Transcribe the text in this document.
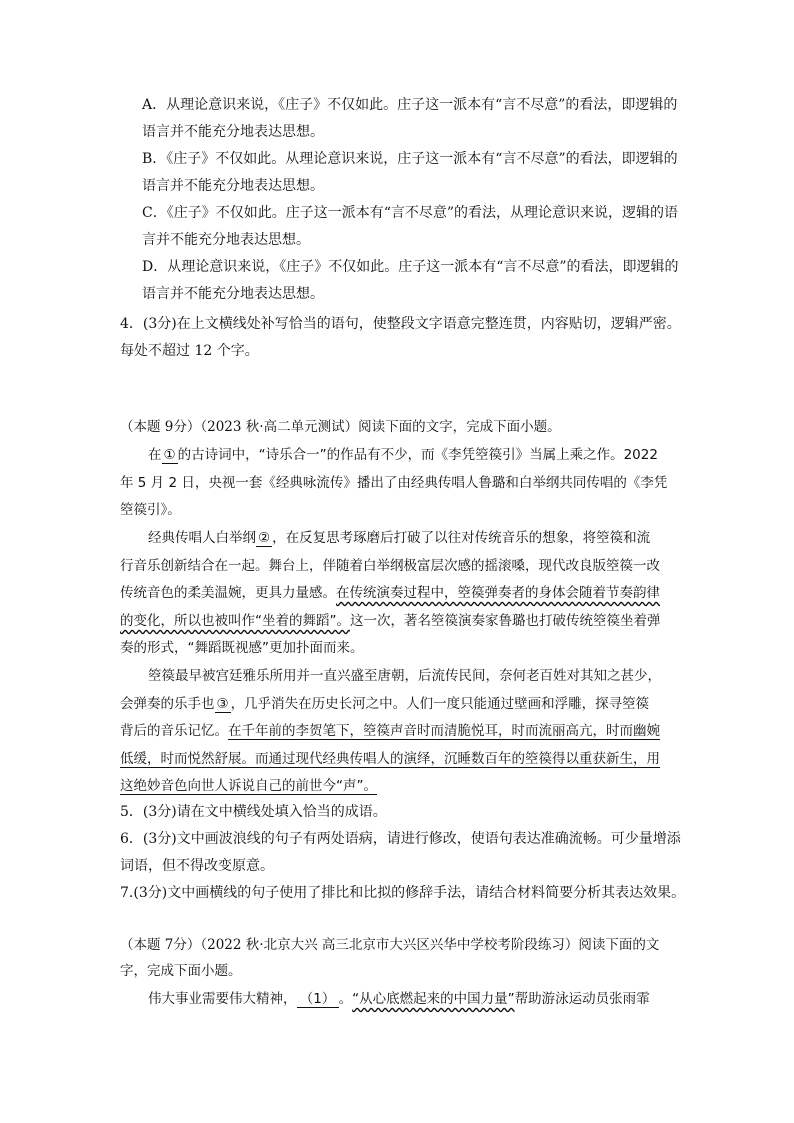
A．从理论意识来说，《庄子》不仅如此。庄子这一派本有“言不尽意”的看法，即逻辑的
语言并不能充分地表达思想。
B．《庄子》不仅如此。从理论意识来说，庄子这一派本有“言不尽意”的看法，即逻辑的
语言并不能充分地表达思想。
C．《庄子》不仅如此。庄子这一派本有“言不尽意”的看法，从理论意识来说，逻辑的语
言并不能充分地表达思想。
D．从理论意识来说，《庄子》不仅如此。庄子这一派本有“言不尽意”的看法，即逻辑的
语言并不能充分地表达思想。
4．(3分)在上文横线处补写恰当的语句，使整段文字语意完整连贯，内容贴切，逻辑严密。
每处不超过 12 个字。
（本题 9分）（2023 秋·高二单元测试）阅读下面的文字，完成下面小题。
在 ① 的古诗词中，“诗乐合一”的作品有不少，而《李凭箜篌引》当属上乘之作。2022
年 5 月 2 日，央视一套《经典咏流传》播出了由经典传唱人鲁璐和白举纲共同传唱的《李凭
箜篌引》。
经典传唱人白举纲 ② ，在反复思考琢磨后打破了以往对传统音乐的想象，将箜篌和流
行音乐创新结合在一起。舞台上，伴随着白举纲极富层次感的摇滚嗓，现代改良版箜篌一改
传统音色的柔美温婉，更具力量感。在传统演奏过程中，箜篌弹奏者的身体会随着节奏韵律
的变化，所以也被叫作“坐着的舞蹈”。这一次，著名箜篌演奏家鲁璐也打破传统箜篌坐着弹
奏的形式，“舞蹈既视感”更加扑面而来。
箜篌最早被宫廷雅乐所用并一直兴盛至唐朝，后流传民间，奈何老百姓对其知之甚少，
会弹奏的乐手也 ③ ，几乎消失在历史长河之中。人们一度只能通过壁画和浮雕，探寻箜篌
背后的音乐记忆。在千年前的李贺笔下，箜篌声音时而清脆悦耳，时而流丽高亢，时而幽婉
低缓，时而悦然舒展。而通过现代经典传唱人的演绎，沉睡数百年的箜篌得以重获新生，用
这绝妙音色向世人诉说自己的前世今“声”。
5．(3分)请在文中横线处填入恰当的成语。
6．(3分)文中画波浪线的句子有两处语病，请进行修改，使语句表达准确流畅。可少量增添
词语，但不得改变原意。
7.(3分)文中画横线的句子使用了排比和比拟的修辞手法，请结合材料简要分析其表达效果。
（本题 7分）（2022 秋·北京大兴 高三北京市大兴区兴华中学校考阶段练习）阅读下面的文
字，完成下面小题。
伟大事业需要伟大精神， （1） 。“从心底燃起来的中国力量”帮助游泳运动员张雨霏
